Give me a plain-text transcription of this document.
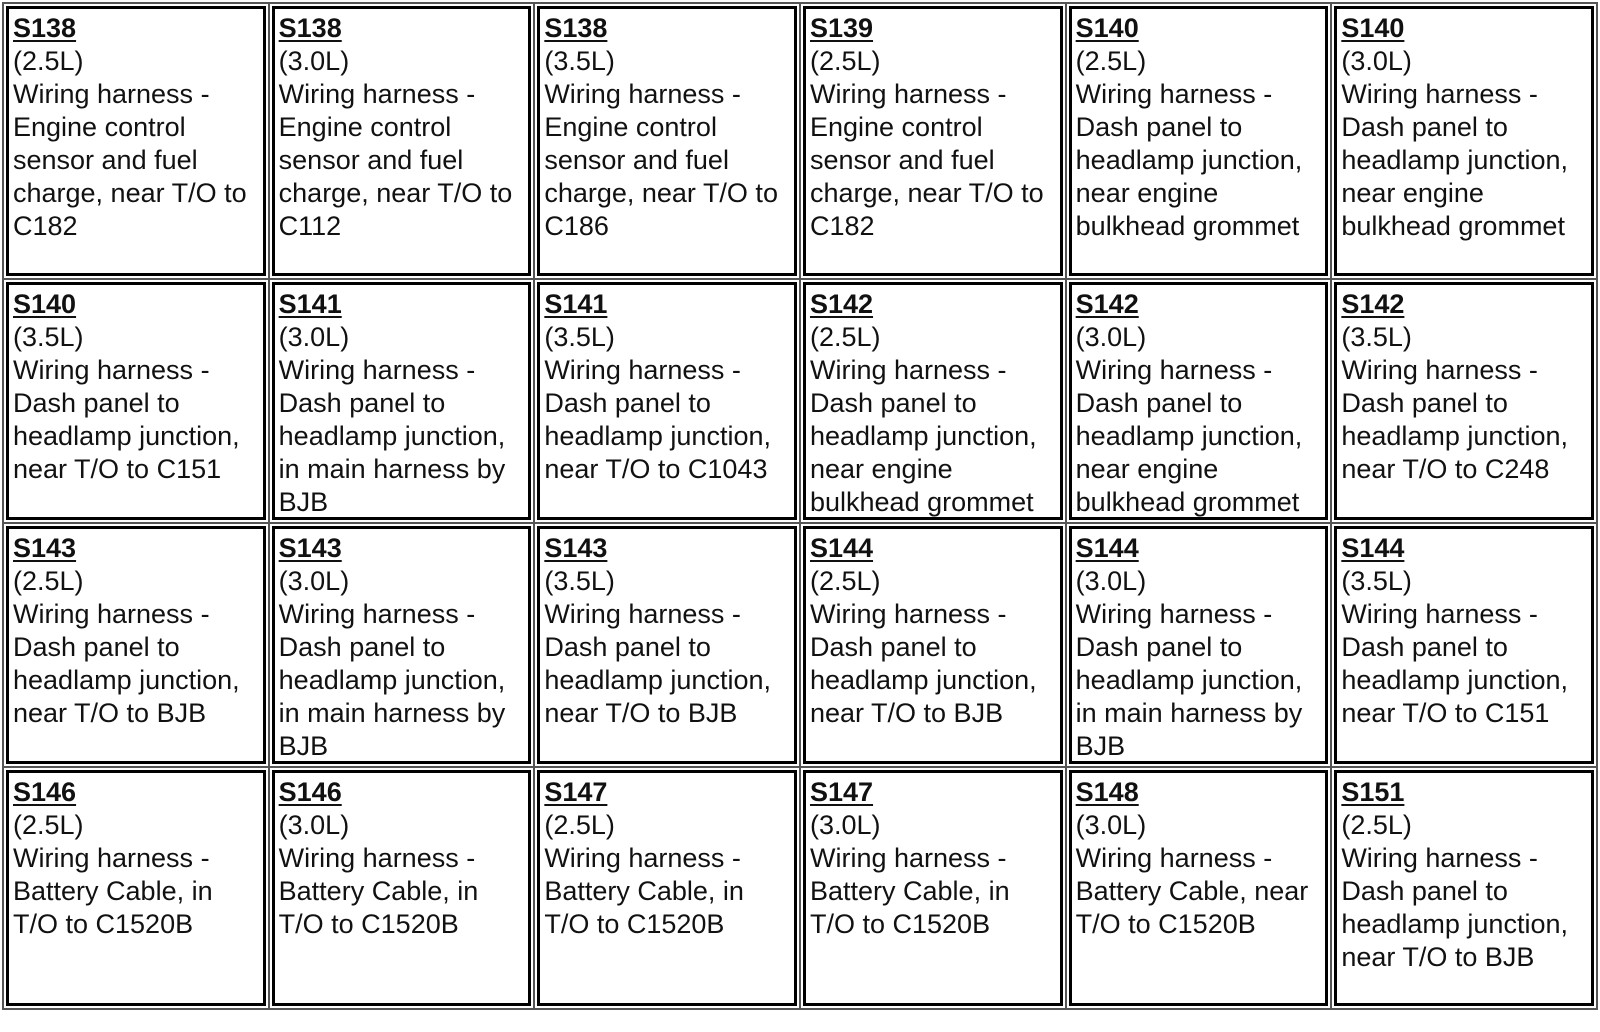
S138
(2.5L)
Wiring harness - Engine control sensor and fuel charge, near T/O to C182
S138
(3.0L)
Wiring harness - Engine control sensor and fuel charge, near T/O to C112
S138
(3.5L)
Wiring harness - Engine control sensor and fuel charge, near T/O to C186
S139
(2.5L)
Wiring harness - Engine control sensor and fuel charge, near T/O to C182
S140
(2.5L)
Wiring harness - Dash panel to headlamp junction, near engine bulkhead grommet
S140
(3.0L)
Wiring harness - Dash panel to headlamp junction, near engine bulkhead grommet
S140
(3.5L)
Wiring harness - Dash panel to headlamp junction, near T/O to C151
S141
(3.0L)
Wiring harness - Dash panel to headlamp junction, in main harness by BJB
S141
(3.5L)
Wiring harness - Dash panel to headlamp junction, near T/O to C1043
S142
(2.5L)
Wiring harness - Dash panel to headlamp junction, near engine bulkhead grommet
S142
(3.0L)
Wiring harness - Dash panel to headlamp junction, near engine bulkhead grommet
S142
(3.5L)
Wiring harness - Dash panel to headlamp junction, near T/O to C248
S143
(2.5L)
Wiring harness - Dash panel to headlamp junction, near T/O to BJB
S143
(3.0L)
Wiring harness - Dash panel to headlamp junction, in main harness by BJB
S143
(3.5L)
Wiring harness - Dash panel to headlamp junction, near T/O to BJB
S144
(2.5L)
Wiring harness - Dash panel to headlamp junction, near T/O to BJB
S144
(3.0L)
Wiring harness - Dash panel to headlamp junction, in main harness by BJB
S144
(3.5L)
Wiring harness - Dash panel to headlamp junction, near T/O to C151
S146
(2.5L)
Wiring harness - Battery Cable, in T/O to C1520B
S146
(3.0L)
Wiring harness - Battery Cable, in T/O to C1520B
S147
(2.5L)
Wiring harness - Battery Cable, in T/O to C1520B
S147
(3.0L)
Wiring harness - Battery Cable, in T/O to C1520B
S148
(3.0L)
Wiring harness - Battery Cable, near T/O to C1520B
S151
(2.5L)
Wiring harness - Dash panel to headlamp junction, near T/O to BJB
